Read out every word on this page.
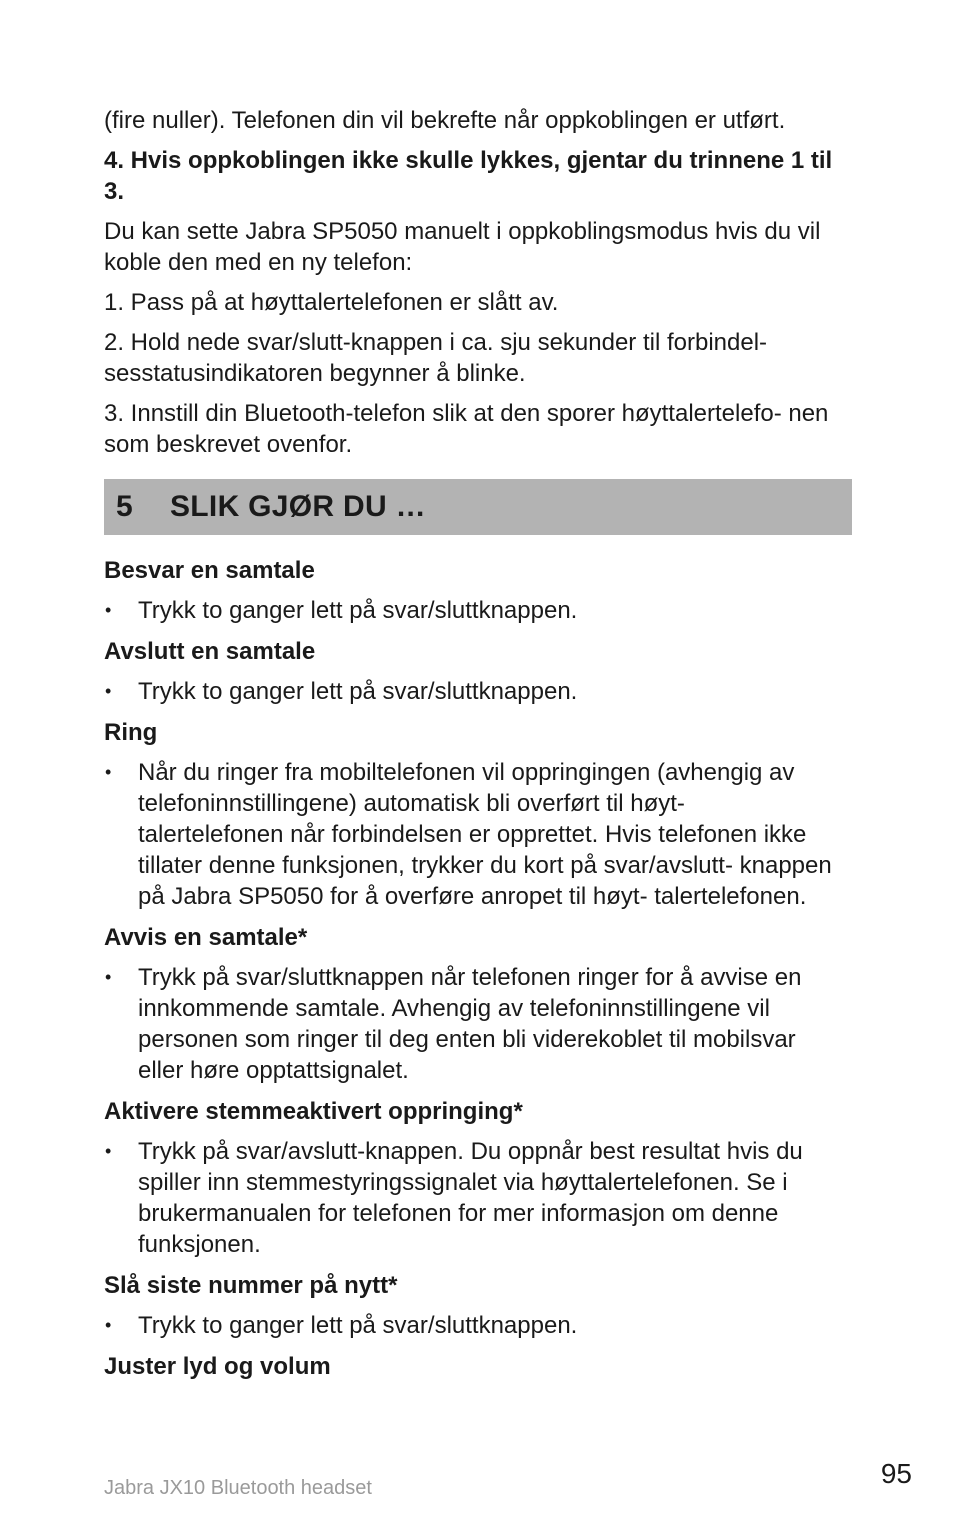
(fire nuller). Telefonen din vil bekrefte når oppkoblingen er utført.

4. Hvis oppkoblingen ikke skulle lykkes, gjentar du trinnene 1 til 3.

Du kan sette Jabra SP5050 manuelt i oppkoblingsmodus hvis du vil koble den med en ny telefon:

1. Pass på at høyttalertelefonen er slått av.

2. Hold nede svar/slutt-knappen i ca. sju sekunder til forbindel- sesstatusindikatoren begynner å blinke.

3. Innstill din Bluetooth-telefon slik at den sporer høyttalertelefo- nen som beskrevet ovenfor.

5	SLIK GJØR DU …
Besvar en samtale
•	Trykk to ganger lett på svar/sluttknappen.
Avslutt en samtale
•	Trykk to ganger lett på svar/sluttknappen.
Ring
•	Når du ringer fra mobiltelefonen vil oppringingen (avhengig av telefoninnstillingene) automatisk bli overført til høyt- talertelefonen når forbindelsen er opprettet. Hvis telefonen ikke tillater denne funksjonen, trykker du kort på svar/avslutt- knappen på Jabra SP5050 for å overføre anropet til høyt- talertelefonen.
Avvis en samtale*
•	Trykk på svar/sluttknappen når telefonen ringer for å avvise en innkommende samtale. Avhengig av telefoninnstillingene vil personen som ringer til deg enten bli viderekoblet til mobilsvar eller høre opptattsignalet.
Aktivere stemmeaktivert oppringing*
•	Trykk på svar/avslutt-knappen. Du oppnår best resultat hvis du spiller inn stemmestyringssignalet via høyttalertelefonen. Se i brukermanualen for telefonen for mer informasjon om denne funksjonen.
Slå siste nummer på nytt*
•	Trykk to ganger lett på svar/sluttknappen.
Juster lyd og volum
Jabra JX10 Bluetooth headset	95
